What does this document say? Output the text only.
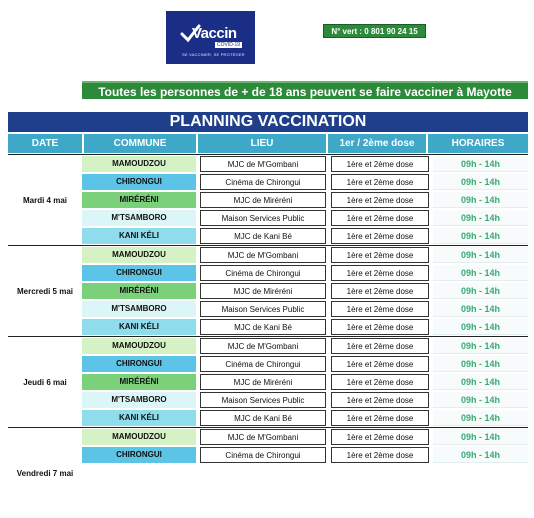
Vaccin
COVID-19
SE VACCINER, SE PROTÉGER
N° vert : 0 801 90 24 15
Toutes les personnes de + de 18 ans peuvent se faire vacciner à Mayotte
PLANNING VACCINATION
DATE	COMMUNE	LIEU	1er / 2ème dose	HORAIRES
Mardi 4 mai
MAMOUDZOU	MJC de M'Gombani	1ère et 2ème dose	09h - 14h
CHIRONGUI	Cinéma de Chirongui	1ère et 2ème dose	09h - 14h
MIRÉRÉNI	MJC de Miréréni	1ère et 2ème dose	09h - 14h
M'TSAMBORO	Maison Services Public	1ère et 2ème dose	09h - 14h
KANI KÉLI	MJC de Kani Bé	1ère et 2ème dose	09h - 14h
Mercredi 5 mai
MAMOUDZOU	MJC de M'Gombani	1ère et 2ème dose	09h - 14h
CHIRONGUI	Cinéma de Chirongui	1ère et 2ème dose	09h - 14h
MIRÉRÉNI	MJC de Miréréni	1ère et 2ème dose	09h - 14h
M'TSAMBORO	Maison Services Public	1ère et 2ème dose	09h - 14h
KANI KÉLI	MJC de Kani Bé	1ère et 2ème dose	09h - 14h
Jeudi 6 mai
MAMOUDZOU	MJC de M'Gombani	1ère et 2ème dose	09h - 14h
CHIRONGUI	Cinéma de Chirongui	1ère et 2ème dose	09h - 14h
MIRÉRÉNI	MJC de Miréréni	1ère et 2ème dose	09h - 14h
M'TSAMBORO	Maison Services Public	1ère et 2ème dose	09h - 14h
KANI KÉLI	MJC de Kani Bé	1ère et 2ème dose	09h - 14h
Vendredi 7 mai
MAMOUDZOU	MJC de M'Gombani	1ère et 2ème dose	09h - 14h
CHIRONGUI	Cinéma de Chirongui	1ère et 2ème dose	09h - 14h
